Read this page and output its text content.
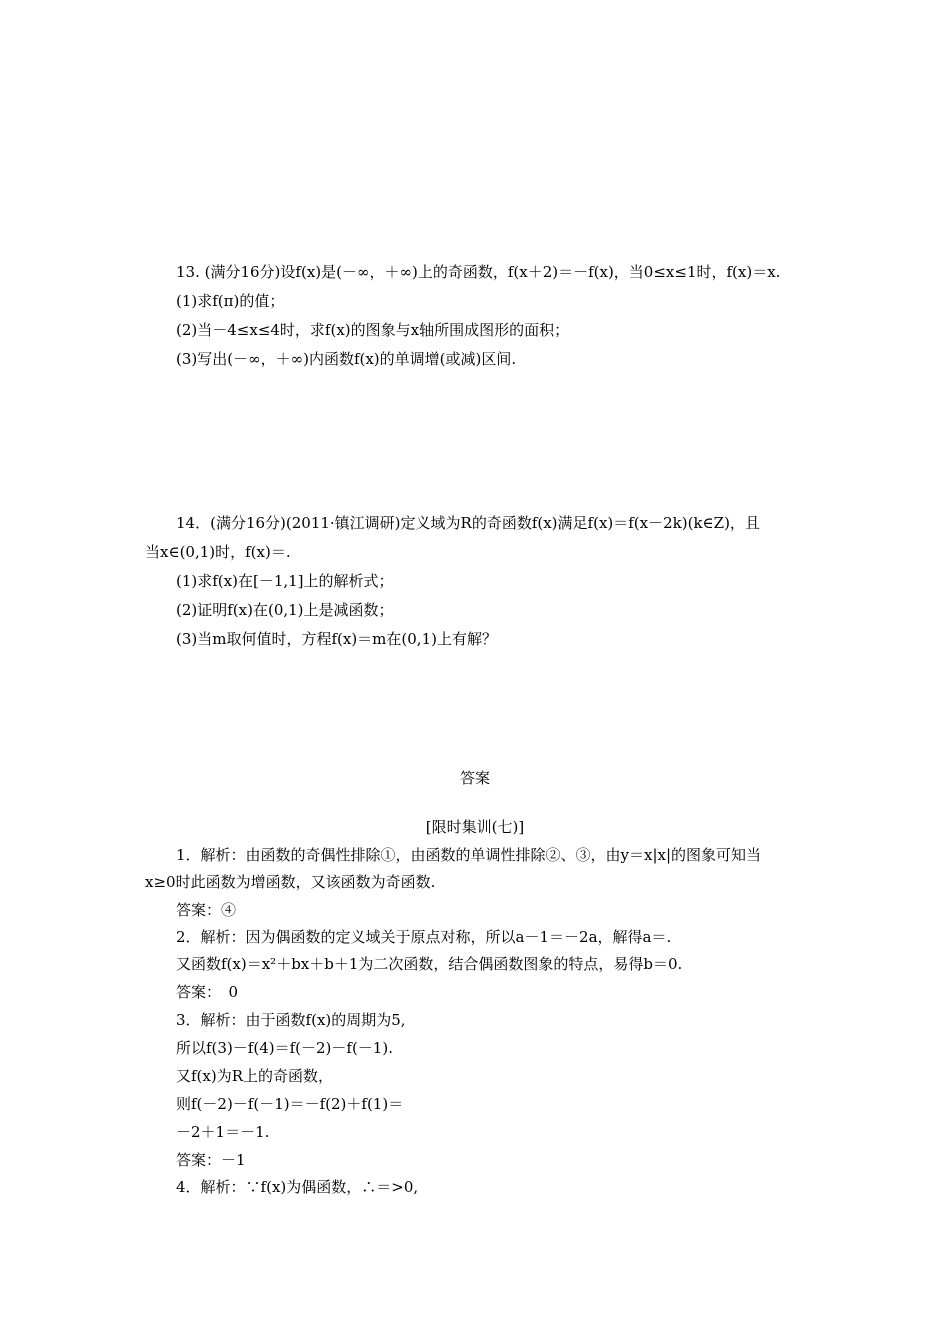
13. (满分16分)设f(x)是(－∞，＋∞)上的奇函数，f(x＋2)＝－f(x)，当0≤x≤1时，f(x)＝x.
(1)求f(π)的值；
(2)当－4≤x≤4时，求f(x)的图象与x轴所围成图形的面积；
(3)写出(－∞，＋∞)内函数f(x)的单调增(或减)区间.
14．(满分16分)(2011·镇江调研)定义域为R的奇函数f(x)满足f(x)＝f(x－2k)(k∈Z)，且
当x∈(0,1)时，f(x)＝.
(1)求f(x)在[－1,1]上的解析式；
(2)证明f(x)在(0,1)上是减函数；
(3)当m取何值时，方程f(x)＝m在(0,1)上有解？
答案
[限时集训(七)]
1．解析：由函数的奇偶性排除①，由函数的单调性排除②、③，由y＝x|x|的图象可知当
x≥0时此函数为增函数，又该函数为奇函数.
答案：④
2．解析：因为偶函数的定义域关于原点对称，所以a－1＝－2a，解得a＝.
又函数f(x)＝x²＋bx＋b＋1为二次函数，结合偶函数图象的特点，易得b＝0.
答案：　0
3．解析：由于函数f(x)的周期为5,
所以f(3)－f(4)＝f(－2)－f(－1).
又f(x)为R上的奇函数，
则f(－2)－f(－1)＝－f(2)＋f(1)＝
－2＋1＝－1.
答案：－1
4．解析：∵f(x)为偶函数，∴＝>0,
